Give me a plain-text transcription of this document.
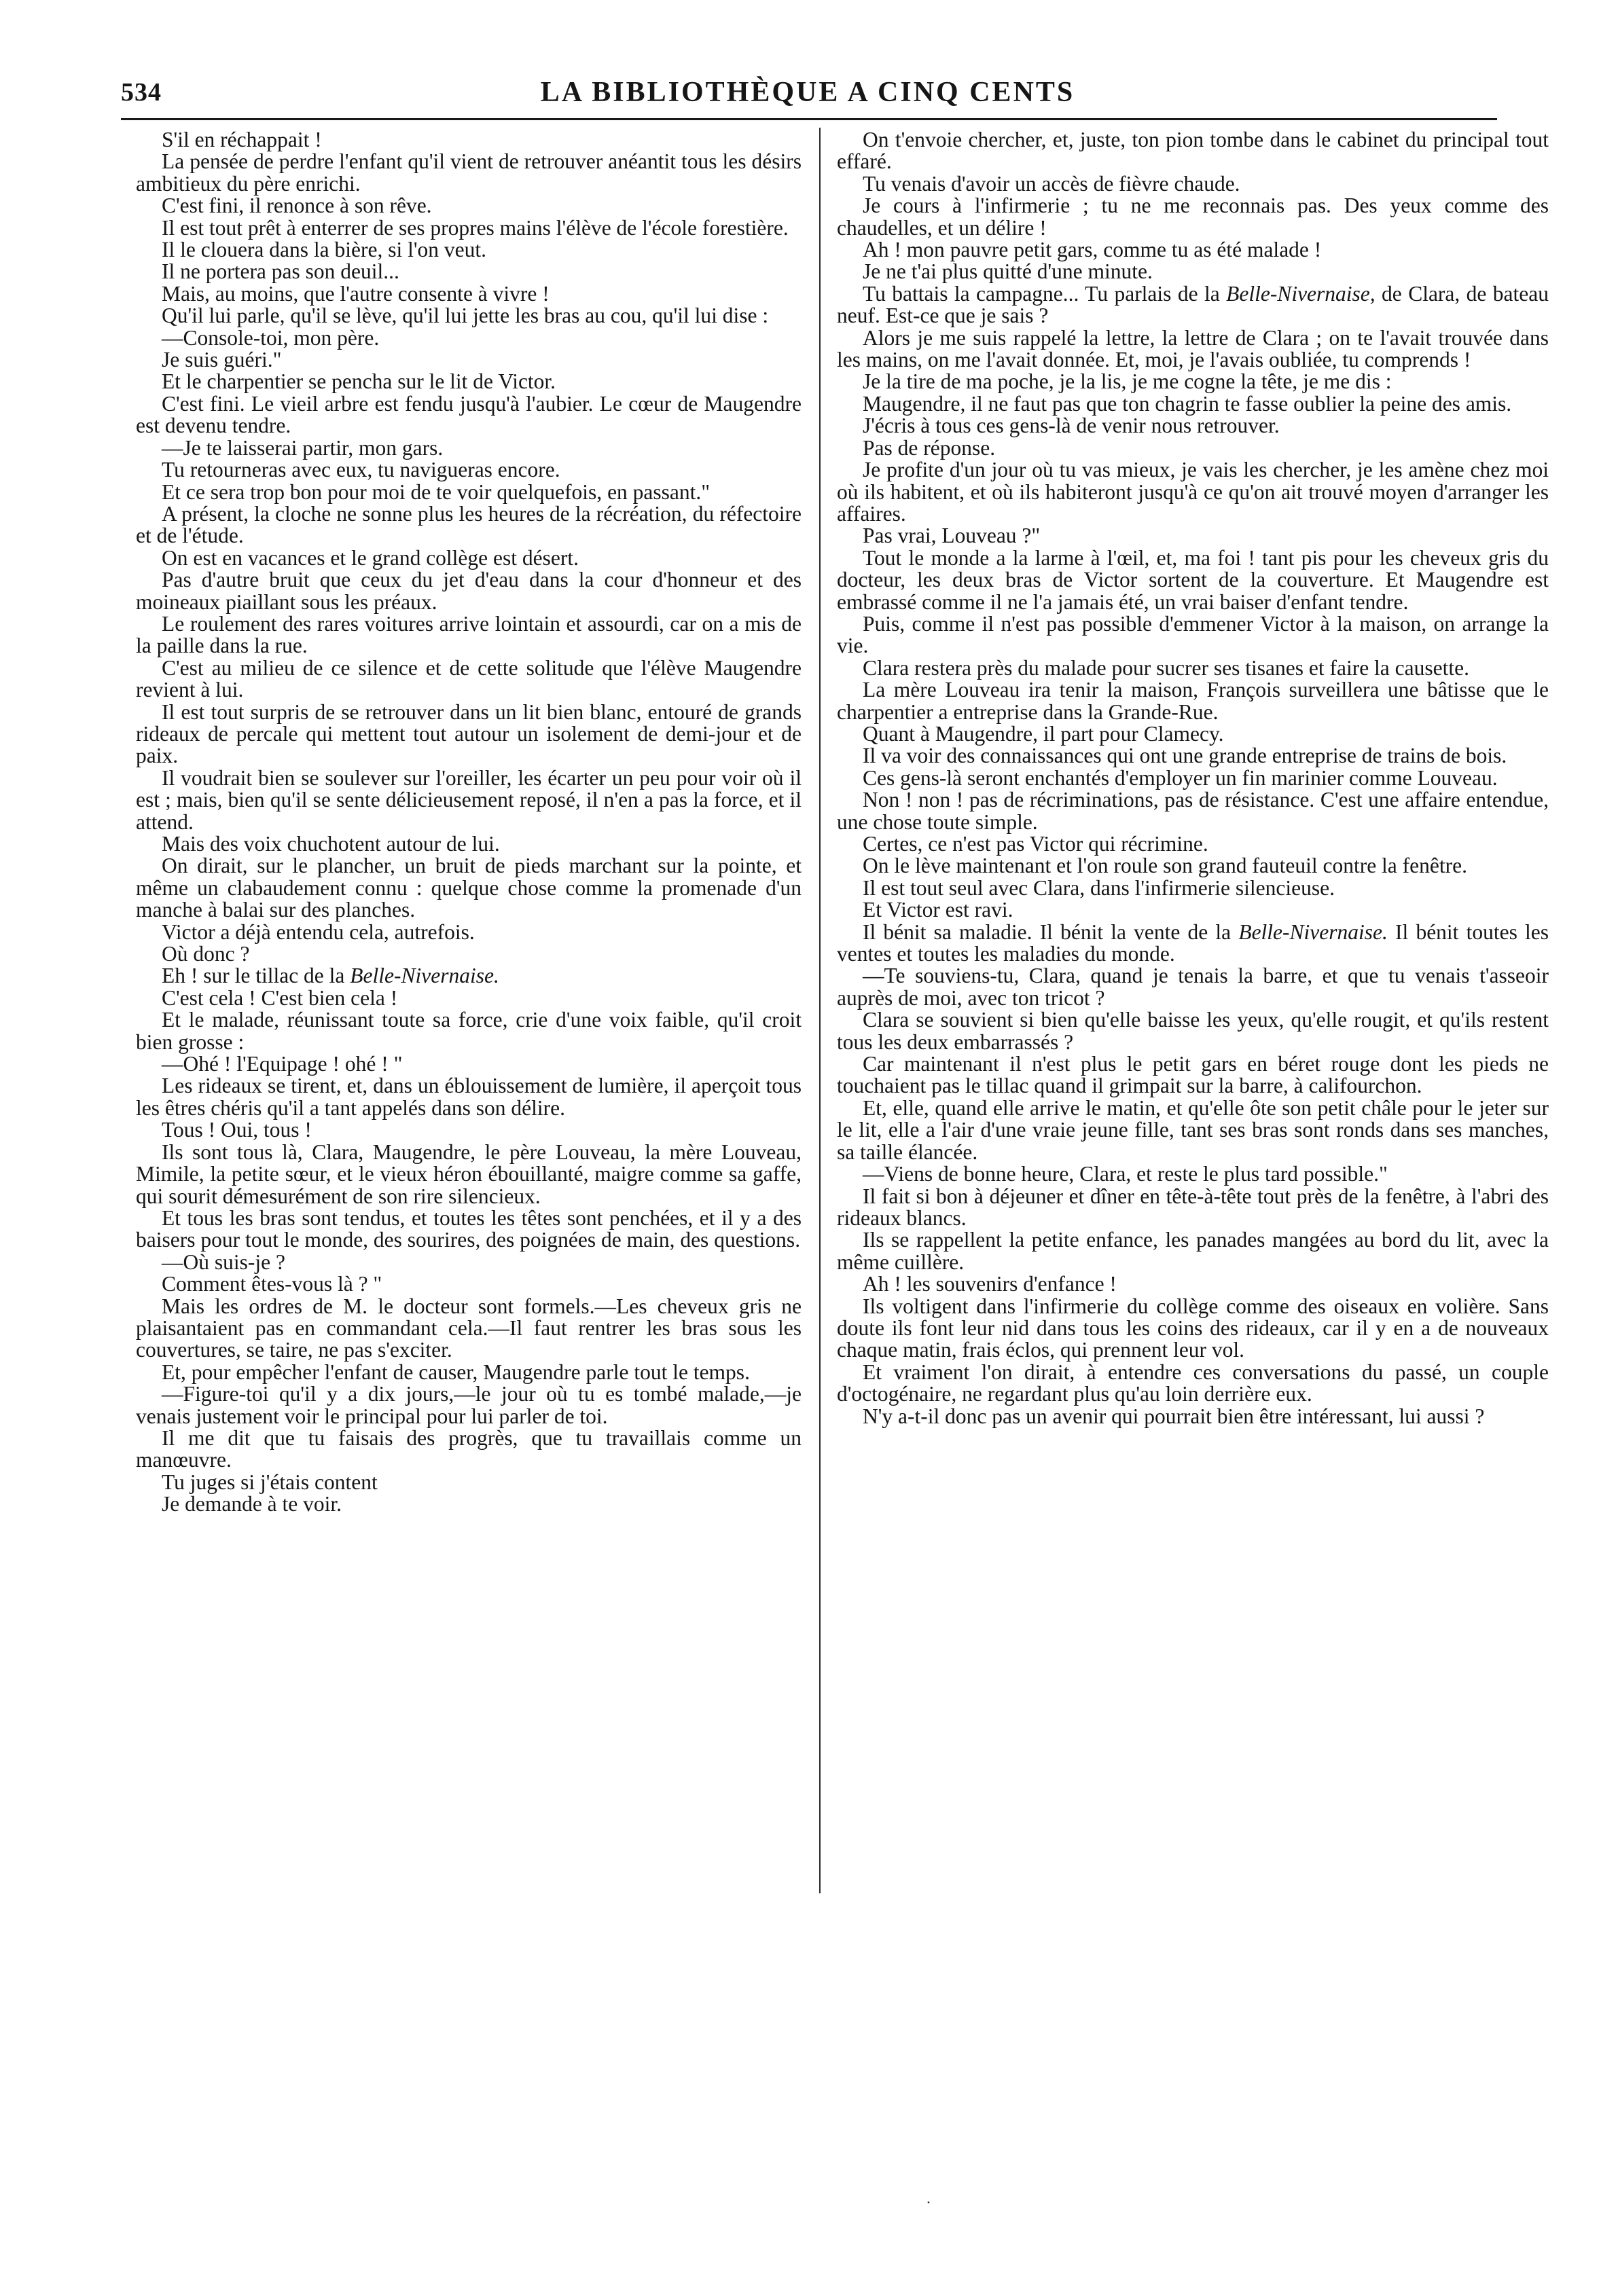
534	LA BIBLIOTHÈQUE A CINQ CENTS

S'il en réchappait !

La pensée de perdre l'enfant qu'il vient de retrouver anéantit tous les désirs ambitieux du père enrichi.

C'est fini, il renonce à son rêve.

Il est tout prêt à enterrer de ses propres mains l'élève de l'école forestière.

Il le clouera dans la bière, si l'on veut.

Il ne portera pas son deuil...

Mais, au moins, que l'autre consente à vivre !

Qu'il lui parle, qu'il se lève, qu'il lui jette les bras au cou, qu'il lui dise :

—Console-toi, mon père.

Je suis guéri."

Et le charpentier se pencha sur le lit de Victor.

C'est fini. Le vieil arbre est fendu jusqu'à l'aubier. Le cœur de Maugendre est devenu tendre.

—Je te laisserai partir, mon gars.

Tu retourneras avec eux, tu navigueras encore.

Et ce sera trop bon pour moi de te voir quelquefois, en passant."

A présent, la cloche ne sonne plus les heures de la récréation, du réfectoire et de l'étude.

On est en vacances et le grand collège est désert.

Pas d'autre bruit que ceux du jet d'eau dans la cour d'honneur et des moineaux piaillant sous les préaux.

Le roulement des rares voitures arrive lointain et assourdi, car on a mis de la paille dans la rue.

C'est au milieu de ce silence et de cette solitude que l'élève Maugendre revient à lui.

Il est tout surpris de se retrouver dans un lit bien blanc, entouré de grands rideaux de percale qui mettent tout autour un isolement de demi-jour et de paix.

Il voudrait bien se soulever sur l'oreiller, les écarter un peu pour voir où il est ; mais, bien qu'il se sente délicieusement reposé, il n'en a pas la force, et il attend.

Mais des voix chuchotent autour de lui.

On dirait, sur le plancher, un bruit de pieds marchant sur la pointe, et même un clabaudement connu : quelque chose comme la promenade d'un manche à balai sur des planches.

Victor a déjà entendu cela, autrefois.

Où donc ?

Eh ! sur le tillac de la Belle-Nivernaise.

C'est cela ! C'est bien cela !

Et le malade, réunissant toute sa force, crie d'une voix faible, qu'il croit bien grosse :

—Ohé ! l'Equipage ! ohé ! "

Les rideaux se tirent, et, dans un éblouissement de lumière, il aperçoit tous les êtres chéris qu'il a tant appelés dans son délire.

Tous ! Oui, tous !

Ils sont tous là, Clara, Maugendre, le père Louveau, la mère Louveau, Mimile, la petite sœur, et le vieux héron ébouillanté, maigre comme sa gaffe, qui sourit démesurément de son rire silencieux.

Et tous les bras sont tendus, et toutes les têtes sont penchées, et il y a des baisers pour tout le monde, des sourires, des poignées de main, des questions.

—Où suis-je ?

Comment êtes-vous là ? "

Mais les ordres de M. le docteur sont formels.—Les cheveux gris ne plaisantaient pas en commandant cela.—Il faut rentrer les bras sous les couvertures, se taire, ne pas s'exciter.

Et, pour empêcher l'enfant de causer, Maugendre parle tout le temps.

—Figure-toi qu'il y a dix jours,—le jour où tu es tombé malade,—je venais justement voir le principal pour lui parler de toi.

Il me dit que tu faisais des progrès, que tu travaillais comme un manœuvre.

Tu juges si j'étais content

Je demande à te voir.

On t'envoie chercher, et, juste, ton pion tombe dans le cabinet du principal tout effaré.

Tu venais d'avoir un accès de fièvre chaude.

Je cours à l'infirmerie ; tu ne me reconnais pas. Des yeux comme des chaudelles, et un délire !

Ah ! mon pauvre petit gars, comme tu as été malade !

Je ne t'ai plus quitté d'une minute.

Tu battais la campagne... Tu parlais de la Belle-Nivernaise, de Clara, de bateau neuf. Est-ce que je sais ?

Alors je me suis rappelé la lettre, la lettre de Clara ; on te l'avait trouvée dans les mains, on me l'avait donnée. Et, moi, je l'avais oubliée, tu comprends !

Je la tire de ma poche, je la lis, je me cogne la tête, je me dis :

Maugendre, il ne faut pas que ton chagrin te fasse oublier la peine des amis.

J'écris à tous ces gens-là de venir nous retrouver.

Pas de réponse.

Je profite d'un jour où tu vas mieux, je vais les chercher, je les amène chez moi où ils habitent, et où ils habiteront jusqu'à ce qu'on ait trouvé moyen d'arranger les affaires.

Pas vrai, Louveau ?"

Tout le monde a la larme à l'œil, et, ma foi ! tant pis pour les cheveux gris du docteur, les deux bras de Victor sortent de la couverture. Et Maugendre est embrassé comme il ne l'a jamais été, un vrai baiser d'enfant tendre.

Puis, comme il n'est pas possible d'emmener Victor à la maison, on arrange la vie.

Clara restera près du malade pour sucrer ses tisanes et faire la causette.

La mère Louveau ira tenir la maison, François surveillera une bâtisse que le charpentier a entreprise dans la Grande-Rue.

Quant à Maugendre, il part pour Clamecy.

Il va voir des connaissances qui ont une grande entreprise de trains de bois.

Ces gens-là seront enchantés d'employer un fin marinier comme Louveau.

Non ! non ! pas de récriminations, pas de résistance. C'est une affaire entendue, une chose toute simple.

Certes, ce n'est pas Victor qui récrimine.

On le lève maintenant et l'on roule son grand fauteuil contre la fenêtre.

Il est tout seul avec Clara, dans l'infirmerie silencieuse.

Et Victor est ravi.

Il bénit sa maladie. Il bénit la vente de la Belle-Nivernaise. Il bénit toutes les ventes et toutes les maladies du monde.

—Te souviens-tu, Clara, quand je tenais la barre, et que tu venais t'asseoir auprès de moi, avec ton tricot ?

Clara se souvient si bien qu'elle baisse les yeux, qu'elle rougit, et qu'ils restent tous les deux embarrassés ?

Car maintenant il n'est plus le petit gars en béret rouge dont les pieds ne touchaient pas le tillac quand il grimpait sur la barre, à califourchon.

Et, elle, quand elle arrive le matin, et qu'elle ôte son petit châle pour le jeter sur le lit, elle a l'air d'une vraie jeune fille, tant ses bras sont ronds dans ses manches, sa taille élancée.

—Viens de bonne heure, Clara, et reste le plus tard possible."

Il fait si bon à déjeuner et dîner en tête-à-tête tout près de la fenêtre, à l'abri des rideaux blancs.

Ils se rappellent la petite enfance, les panades mangées au bord du lit, avec la même cuillère.

Ah ! les souvenirs d'enfance !

Ils voltigent dans l'infirmerie du collège comme des oiseaux en volière. Sans doute ils font leur nid dans tous les coins des rideaux, car il y en a de nouveaux chaque matin, frais éclos, qui prennent leur vol.

Et vraiment l'on dirait, à entendre ces conversations du passé, un couple d'octogénaire, ne regardant plus qu'au loin derrière eux.

N'y a-t-il donc pas un avenir qui pourrait bien être intéressant, lui aussi ?

·
